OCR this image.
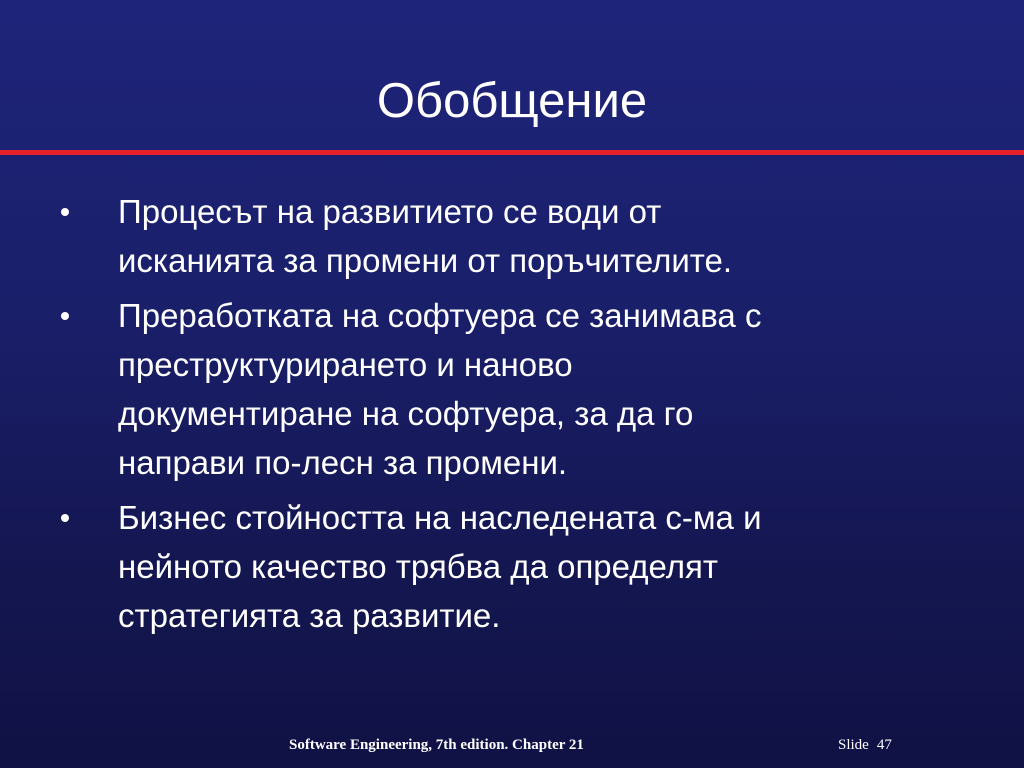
Обобщение
Процесът на развитието се води от
исканията за промени от поръчителите.
Преработката на софтуера се занимава с
преструктурирането и наново
документиране на софтуера, за да го
направи по-лесн за промени.
Бизнес стойността на наследената с-ма и
нейното качество трябва да определят
стратегията за развитие.
Software Engineering, 7th edition. Chapter 21	Slide 47
